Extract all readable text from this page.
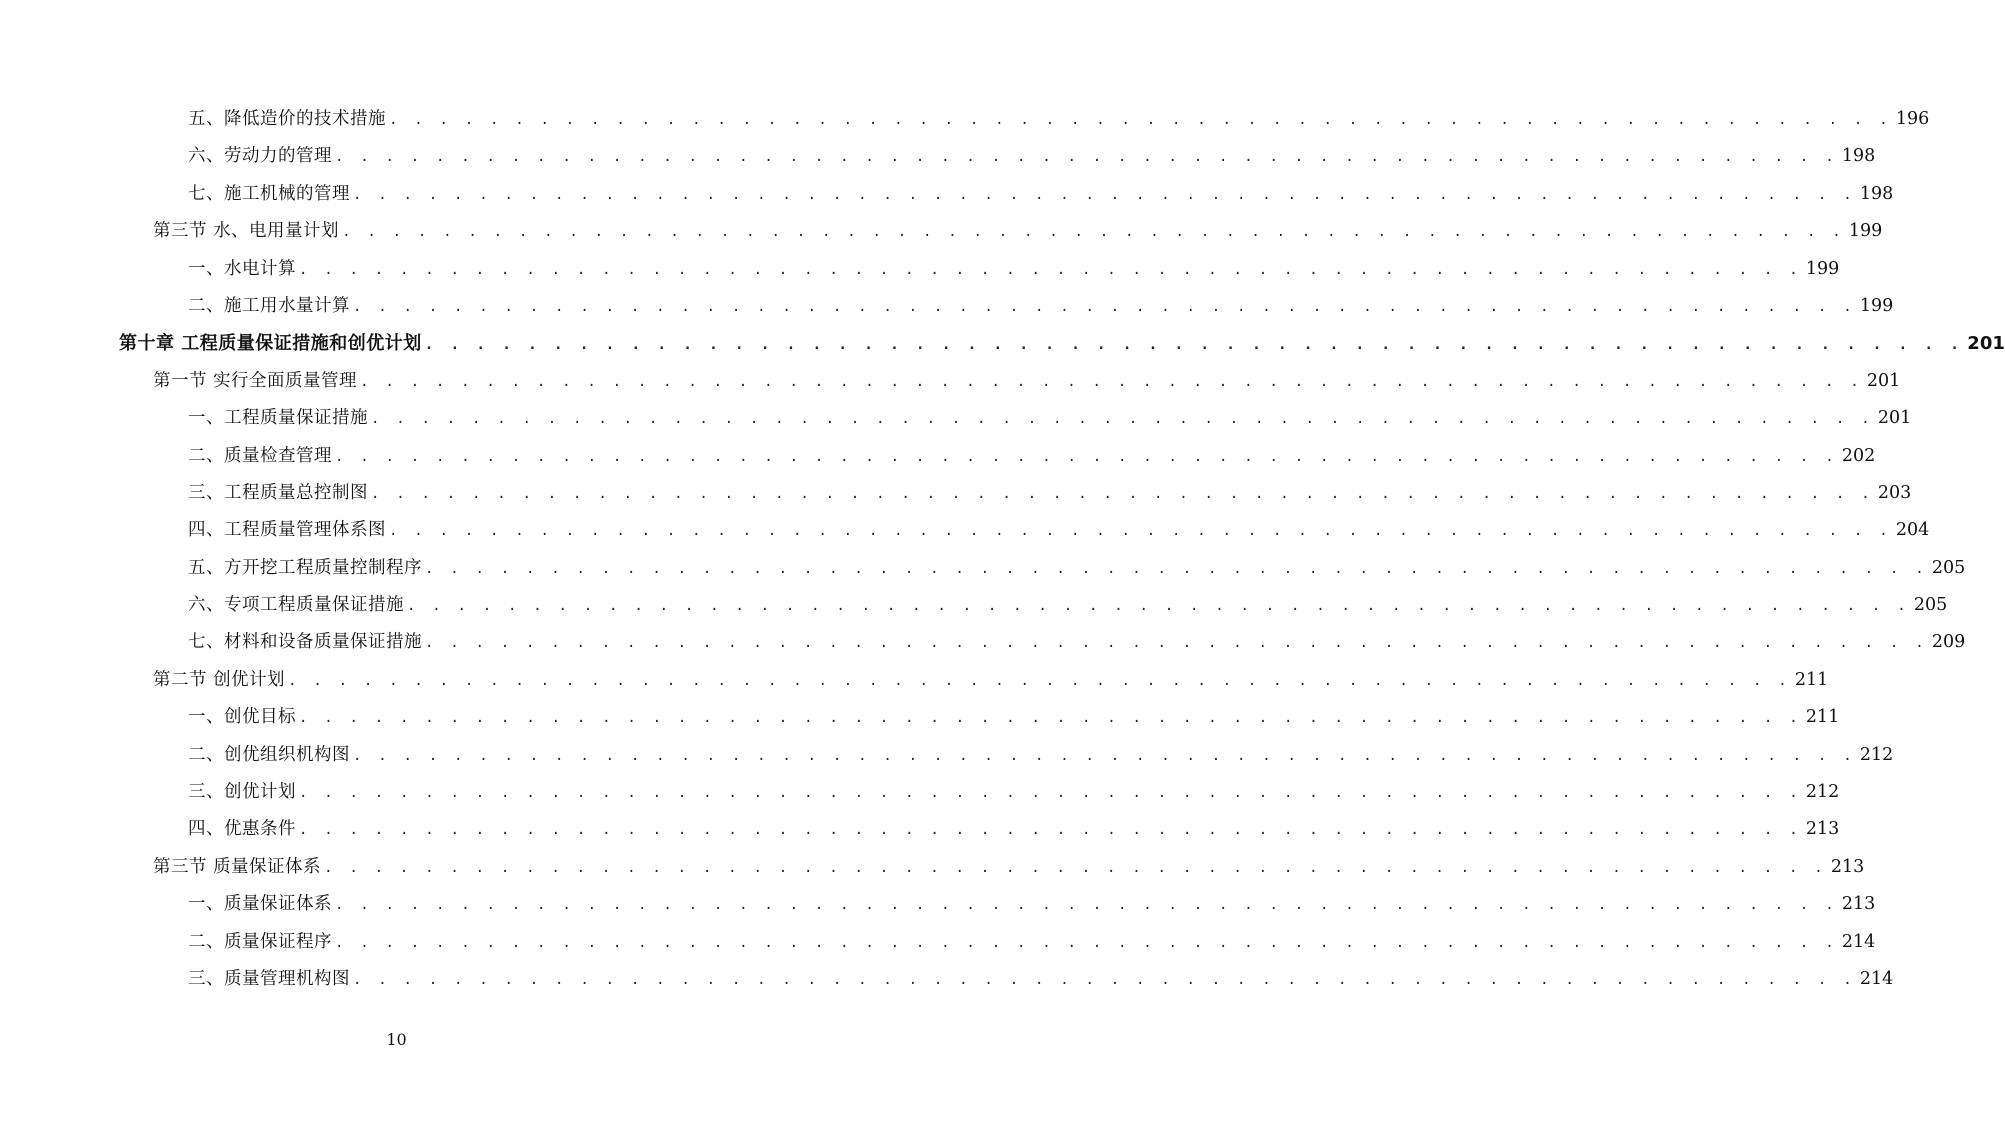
五、降低造价的技术措施 . . . . . . . . . . . . . . . . . . . . . . . . . . . . . . . . . . . . . . . . . . . . . . . . . . . . . . . . . . . . 196
六、劳动力的管理 . . . . . . . . . . . . . . . . . . . . . . . . . . . . . . . . . . . . . . . . . . . . . . . . . . . . . . . . . . . . 198
七、施工机械的管理 . . . . . . . . . . . . . . . . . . . . . . . . . . . . . . . . . . . . . . . . . . . . . . . . . . . . . . . . . . . . 198
第三节 水、电用量计划 . . . . . . . . . . . . . . . . . . . . . . . . . . . . . . . . . . . . . . . . . . . . . . . . . . . . . . . . . . . . 199
一、水电计算 . . . . . . . . . . . . . . . . . . . . . . . . . . . . . . . . . . . . . . . . . . . . . . . . . . . . . . . . . . . . 199
二、施工用水量计算 . . . . . . . . . . . . . . . . . . . . . . . . . . . . . . . . . . . . . . . . . . . . . . . . . . . . . . . . . . . . 199
第十章 工程质量保证措施和创优计划 . . . . . . . . . . . . . . . . . . . . . . . . . . . . . . . . . . . . . . . . . . . . . . . . . . . . . . . . . . . . 201
第一节 实行全面质量管理 . . . . . . . . . . . . . . . . . . . . . . . . . . . . . . . . . . . . . . . . . . . . . . . . . . . . . . . . . . . . 201
一、工程质量保证措施 . . . . . . . . . . . . . . . . . . . . . . . . . . . . . . . . . . . . . . . . . . . . . . . . . . . . . . . . . . . . 201
二、质量检查管理 . . . . . . . . . . . . . . . . . . . . . . . . . . . . . . . . . . . . . . . . . . . . . . . . . . . . . . . . . . . . 202
三、工程质量总控制图 . . . . . . . . . . . . . . . . . . . . . . . . . . . . . . . . . . . . . . . . . . . . . . . . . . . . . . . . . . . . 203
四、工程质量管理体系图 . . . . . . . . . . . . . . . . . . . . . . . . . . . . . . . . . . . . . . . . . . . . . . . . . . . . . . . . . . . . 204
五、方开挖工程质量控制程序 . . . . . . . . . . . . . . . . . . . . . . . . . . . . . . . . . . . . . . . . . . . . . . . . . . . . . . . . . . . . 205
六、专项工程质量保证措施 . . . . . . . . . . . . . . . . . . . . . . . . . . . . . . . . . . . . . . . . . . . . . . . . . . . . . . . . . . . . 205
七、材料和设备质量保证措施 . . . . . . . . . . . . . . . . . . . . . . . . . . . . . . . . . . . . . . . . . . . . . . . . . . . . . . . . . . . . 209
第二节 创优计划 . . . . . . . . . . . . . . . . . . . . . . . . . . . . . . . . . . . . . . . . . . . . . . . . . . . . . . . . . . . . 211
一、创优目标 . . . . . . . . . . . . . . . . . . . . . . . . . . . . . . . . . . . . . . . . . . . . . . . . . . . . . . . . . . . . 211
二、创优组织机构图 . . . . . . . . . . . . . . . . . . . . . . . . . . . . . . . . . . . . . . . . . . . . . . . . . . . . . . . . . . . . 212
三、创优计划 . . . . . . . . . . . . . . . . . . . . . . . . . . . . . . . . . . . . . . . . . . . . . . . . . . . . . . . . . . . . 212
四、优惠条件 . . . . . . . . . . . . . . . . . . . . . . . . . . . . . . . . . . . . . . . . . . . . . . . . . . . . . . . . . . . . 213
第三节 质量保证体系 . . . . . . . . . . . . . . . . . . . . . . . . . . . . . . . . . . . . . . . . . . . . . . . . . . . . . . . . . . . . 213
一、质量保证体系 . . . . . . . . . . . . . . . . . . . . . . . . . . . . . . . . . . . . . . . . . . . . . . . . . . . . . . . . . . . . 213
二、质量保证程序 . . . . . . . . . . . . . . . . . . . . . . . . . . . . . . . . . . . . . . . . . . . . . . . . . . . . . . . . . . . . 214
三、质量管理机构图 . . . . . . . . . . . . . . . . . . . . . . . . . . . . . . . . . . . . . . . . . . . . . . . . . . . . . . . . . . . . 214
10
